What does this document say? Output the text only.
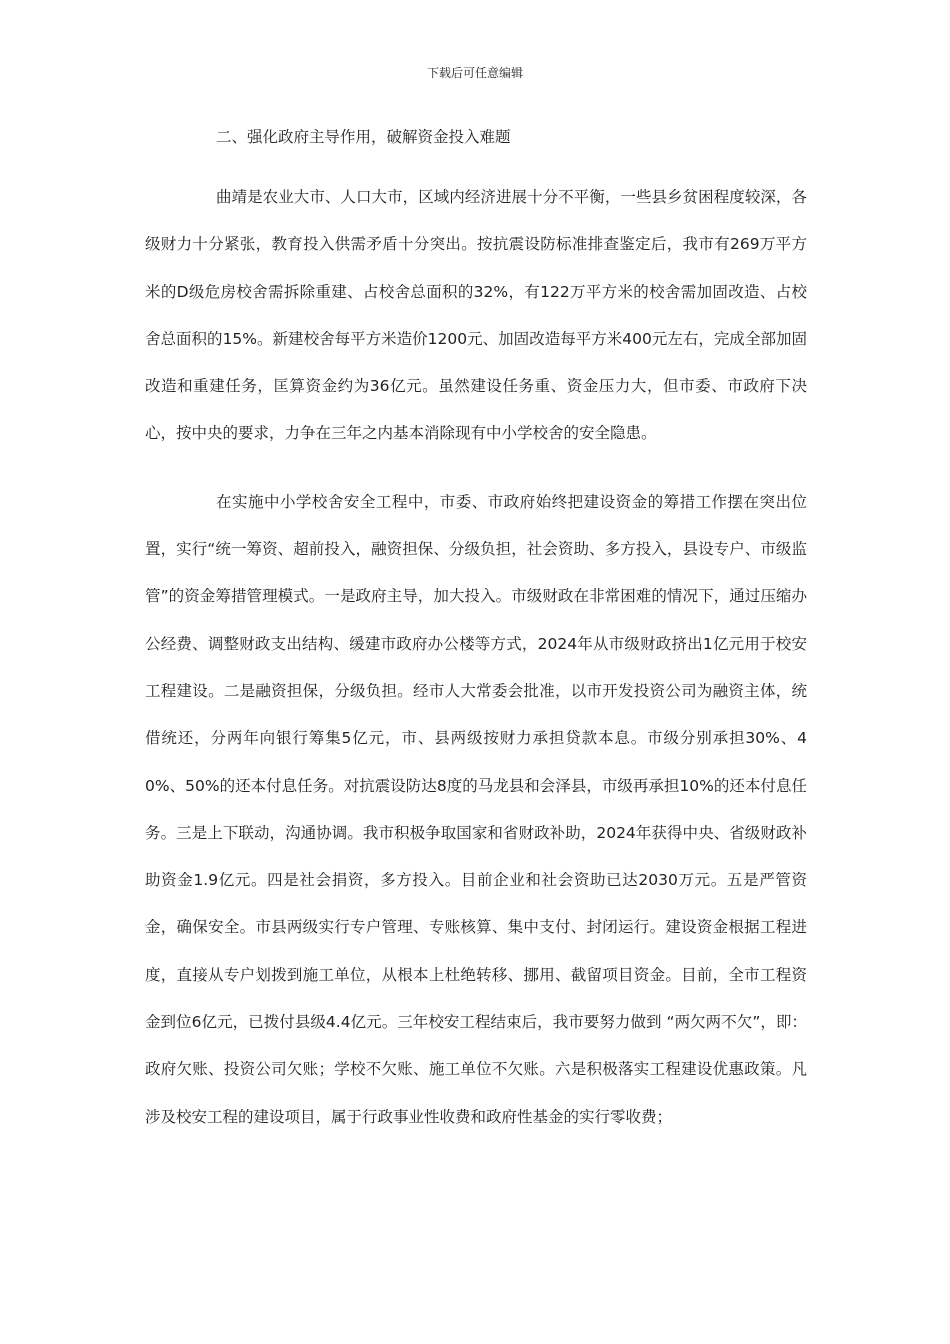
下载后可任意编辑

二、强化政府主导作用，破解资金投入难题

曲靖是农业大市、人口大市，区域内经济进展十分不平衡，一些县乡贫困程度较深，各级财力十分紧张，教育投入供需矛盾十分突出。按抗震设防标准排查鉴定后，我市有269万平方米的D级危房校舍需拆除重建、占校舍总面积的32%，有122万平方米的校舍需加固改造、占校舍总面积的15%。新建校舍每平方米造价1200元、加固改造每平方米400元左右，完成全部加固改造和重建任务，匡算资金约为36亿元。虽然建设任务重、资金压力大，但市委、市政府下决心，按中央的要求，力争在三年之内基本消除现有中小学校舍的安全隐患。

在实施中小学校舍安全工程中，市委、市政府始终把建设资金的筹措工作摆在突出位置，实行“统一筹资、超前投入，融资担保、分级负担，社会资助、多方投入，县设专户、市级监管”的资金筹措管理模式。一是政府主导，加大投入。市级财政在非常困难的情况下，通过压缩办公经费、调整财政支出结构、缓建市政府办公楼等方式，2024年从市级财政挤出1亿元用于校安工程建设。二是融资担保，分级负担。经市人大常委会批准，以市开发投资公司为融资主体，统借统还，分两年向银行筹集5亿元，市、县两级按财力承担贷款本息。市级分别承担30%、40%、50%的还本付息任务。对抗震设防达8度的马龙县和会泽县，市级再承担10%的还本付息任务。三是上下联动，沟通协调。我市积极争取国家和省财政补助，2024年获得中央、省级财政补助资金1.9亿元。四是社会捐资，多方投入。目前企业和社会资助已达2030万元。五是严管资金，确保安全。市县两级实行专户管理、专账核算、集中支付、封闭运行。建设资金根据工程进度，直接从专户划拨到施工单位，从根本上杜绝转移、挪用、截留项目资金。目前，全市工程资金到位6亿元，已拨付县级4.4亿元。三年校安工程结束后，我市要努力做到 “两欠两不欠”，即：政府欠账、投资公司欠账；学校不欠账、施工单位不欠账。六是积极落实工程建设优惠政策。凡涉及校安工程的建设项目，属于行政事业性收费和政府性基金的实行零收费；
